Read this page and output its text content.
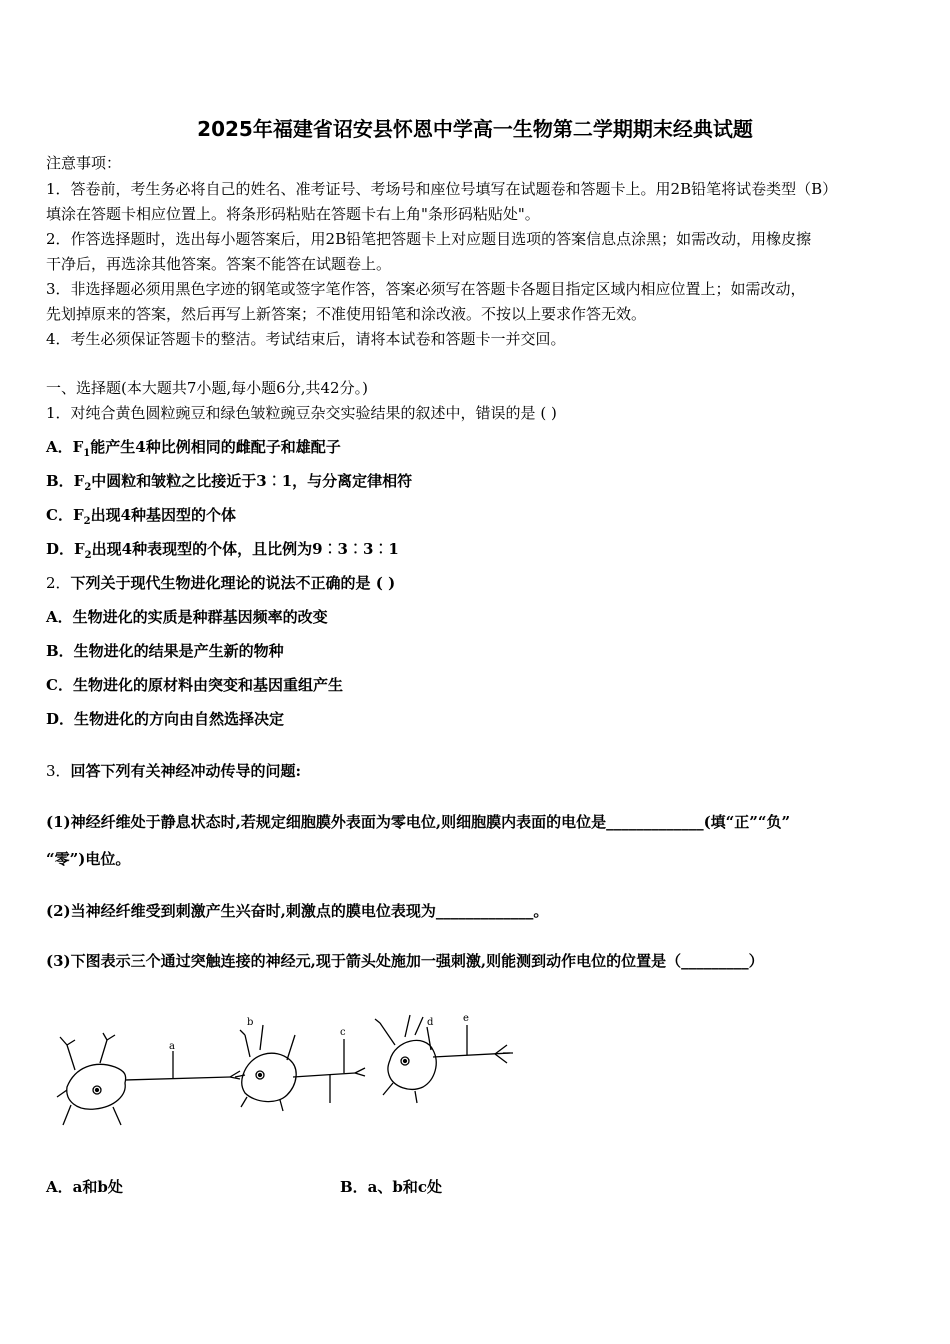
2025年福建省诏安县怀恩中学高一生物第二学期期末经典试题
注意事项：
1．答卷前，考生务必将自己的姓名、准考证号、考场号和座位号填写在试题卷和答题卡上。用2B铅笔将试卷类型（B）
填涂在答题卡相应位置上。将条形码粘贴在答题卡右上角"条形码粘贴处"。
2．作答选择题时，选出每小题答案后，用2B铅笔把答题卡上对应题目选项的答案信息点涂黑；如需改动，用橡皮擦
干净后，再选涂其他答案。答案不能答在试题卷上。
3．非选择题必须用黑色字迹的钢笔或签字笔作答，答案必须写在答题卡各题目指定区域内相应位置上；如需改动，
先划掉原来的答案，然后再写上新答案；不准使用铅笔和涂改液。不按以上要求作答无效。
4．考生必须保证答题卡的整洁。考试结束后，请将本试卷和答题卡一并交回。
一、选择题(本大题共7小题,每小题6分,共42分。)
1．对纯合黄色圆粒豌豆和绿色皱粒豌豆杂交实验结果的叙述中，错误的是 ( )
A．$F_1$能产生4种比例相同的雌配子和雄配子
B．$F_2$中圆粒和皱粒之比接近于3︰1，与分离定律相符
C．$F_2$出现4种基因型的个体
D．$F_2$出现4种表现型的个体，且比例为9︰3︰3︰1
2．下列关于现代生物进化理论的说法不正确的是 ( )
A．生物进化的实质是种群基因频率的改变
B．生物进化的结果是产生新的物种
C．生物进化的原材料由突变和基因重组产生
D．生物进化的方向由自然选择决定
3．回答下列有关神经冲动传导的问题:
(1)神经纤维处于静息状态时,若规定细胞膜外表面为零电位,则细胞膜内表面的电位是_____________(填“正”“负”
“零”)电位。
(2)当神经纤维受到刺激产生兴奋时,刺激点的膜电位表现为_____________。
(3)下图表示三个通过突触连接的神经元,现于箭头处施加一强刺激,则能测到动作电位的位置是（_________）
a
b
c
d	e
A．a和b处	B．a、b和c处
